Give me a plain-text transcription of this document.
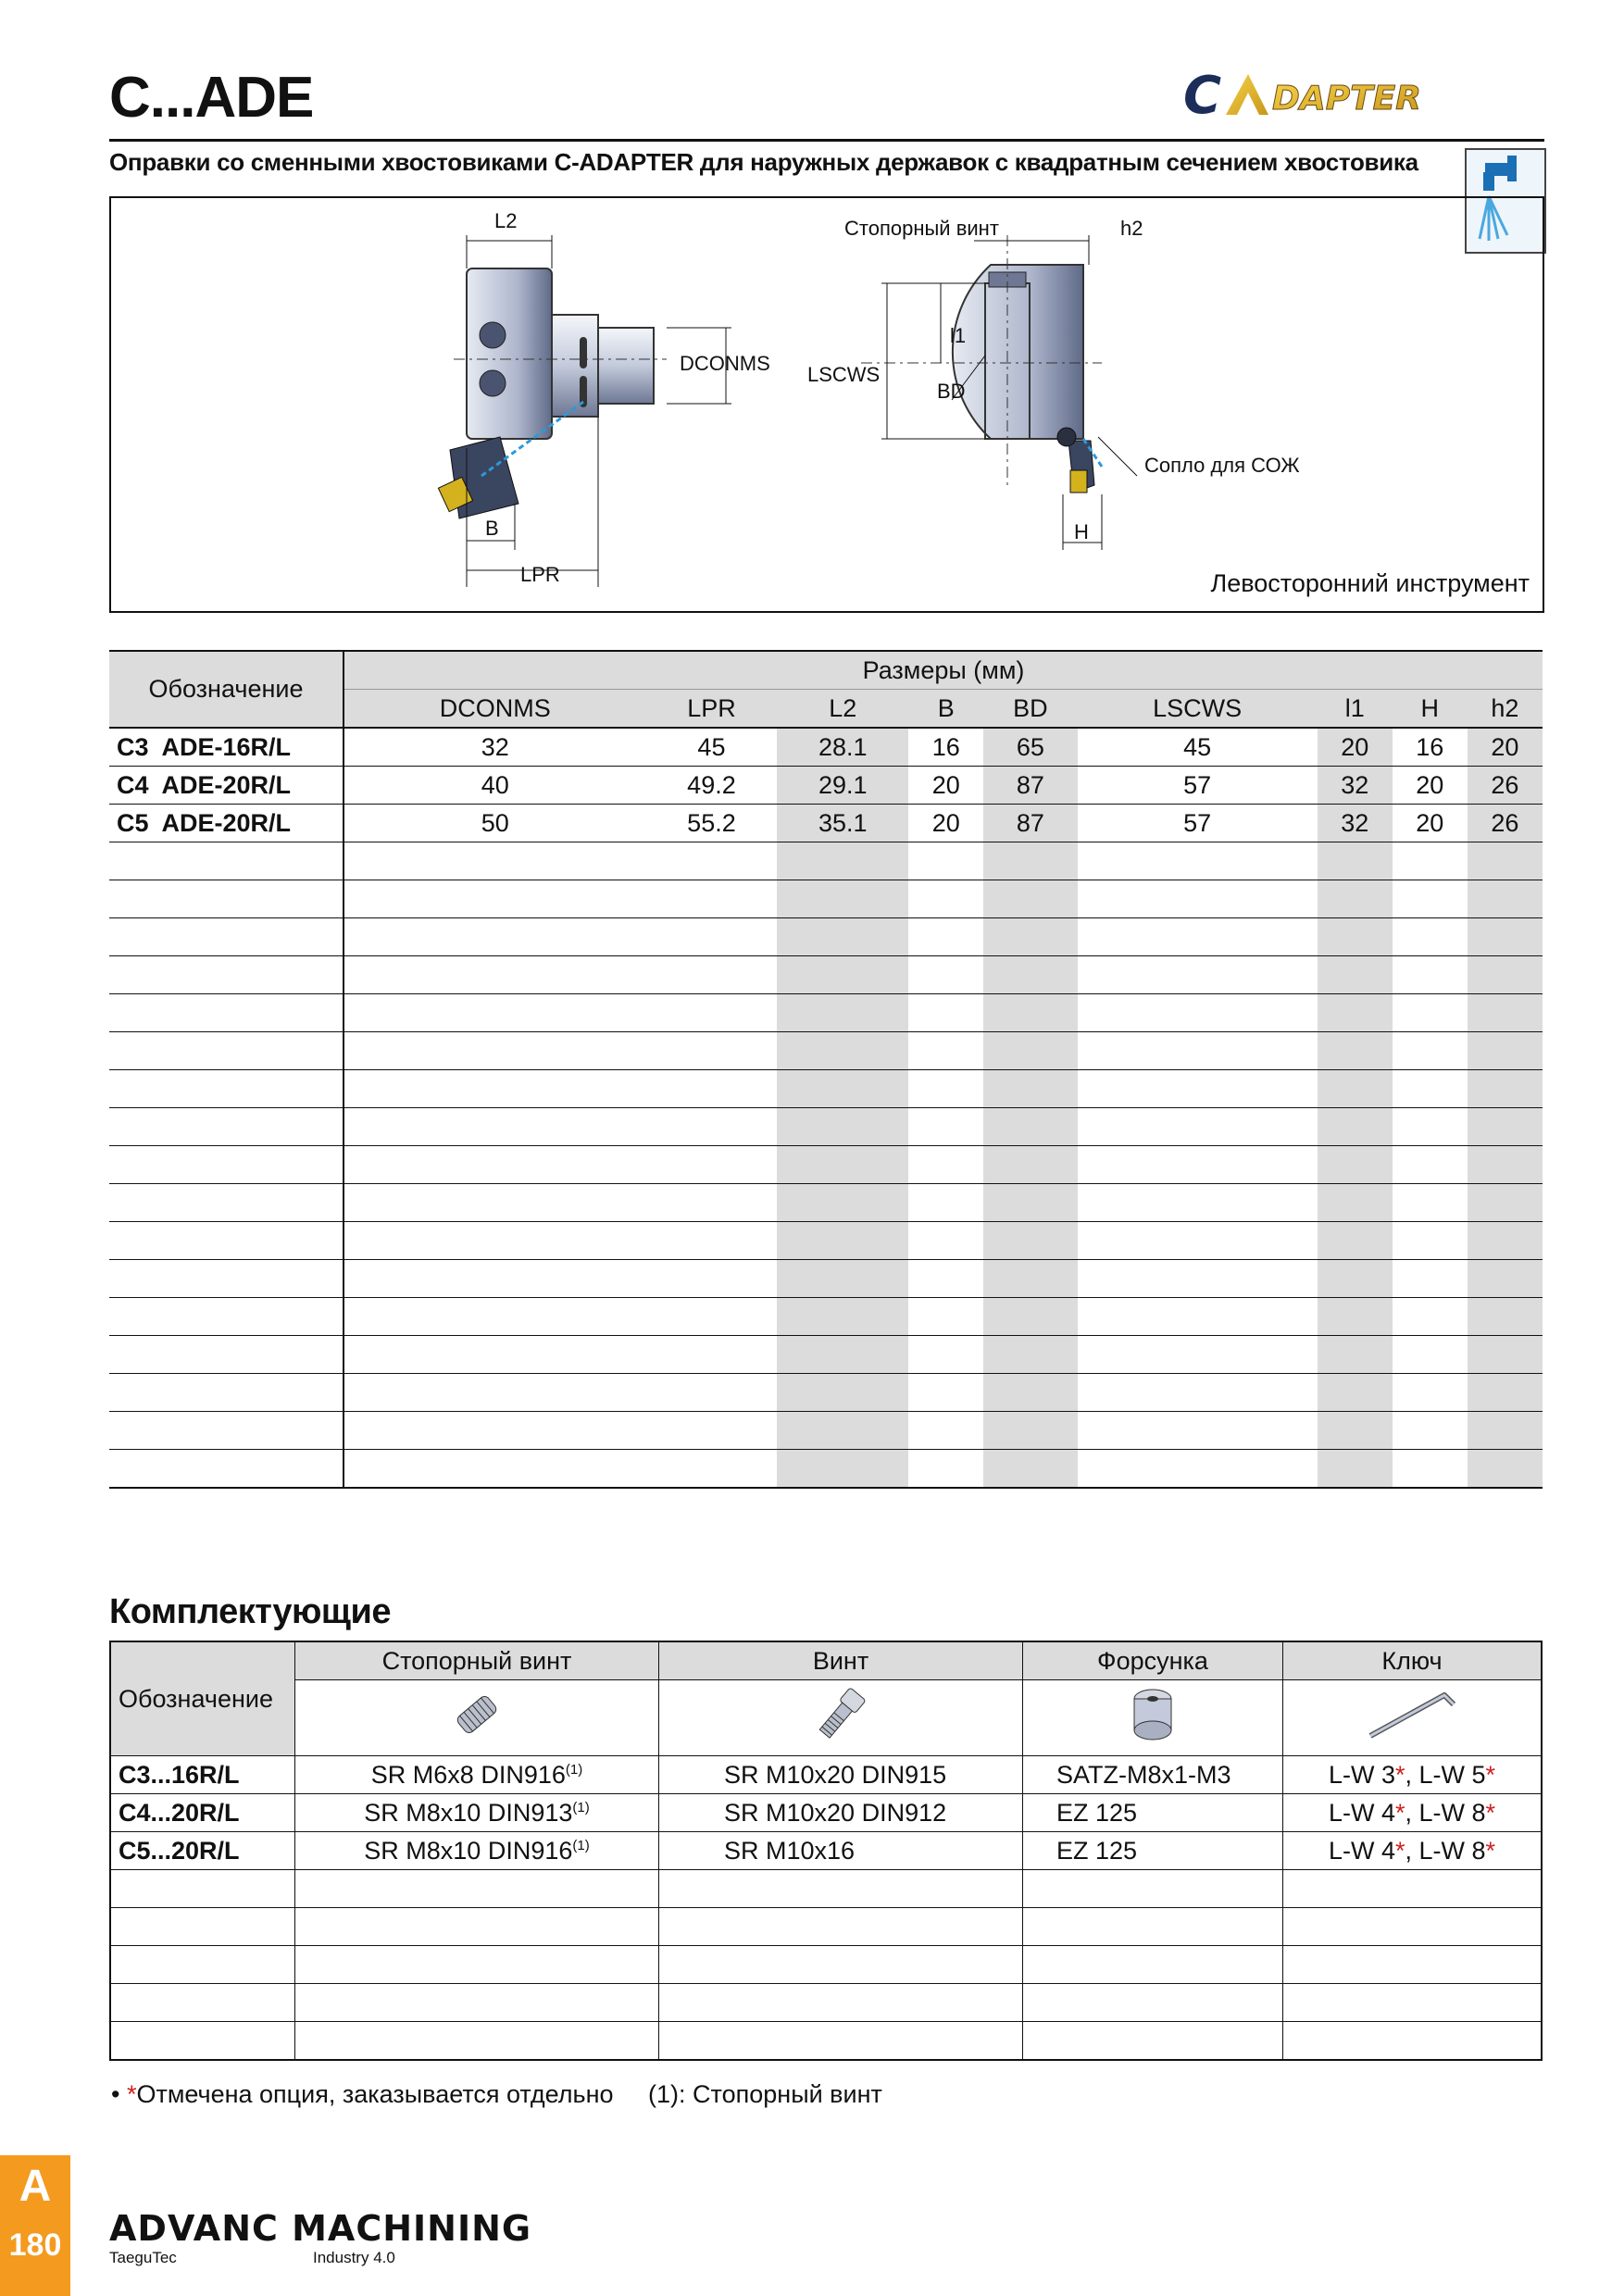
C...ADE	C DAPTER
Оправки со сменными хвостовиками C-ADAPTER для наружных державок с квадратным сечением хвостовика
L2
DCONMS
B
LPR
Стопорный винт	h2
l1
LSCWS
BD
Сопло для СОЖ
H
Левосторонний инструмент
Обозначение	Размеры (мм)								
	DCONMS	LPR	L2	B	BD	LSCWS	l1	H	h2
C3  ADE-16R/L	32	45	28.1	16	65	45	20	16	20
C4  ADE-20R/L	40	49.2	29.1	20	87	57	32	20	26
C5  ADE-20R/L	50	55.2	35.1	20	87	57	32	20	26

Комплектующие
Обозначение	Стопорный винт	Винт	Форсунка	Ключ

C3...16R/L	SR M6x8 DIN916$^{(1)}$	SR M10x20 DIN915	SATZ-M8x1-M3	L-W 3*, L-W 5*
C4...20R/L	SR M8x10 DIN913$^{(1)}$	SR M10x20 DIN912	EZ 125	L-W 4*, L-W 8*
C5...20R/L	SR M8x10 DIN916$^{(1)}$	SR M10x16	EZ 125	L-W 4*, L-W 8*

• *Отмечена опция, заказывается отдельно (1): Стопорный винт
A
180 ADVANC MACHINING
TaeguTec	Industry 4.0
